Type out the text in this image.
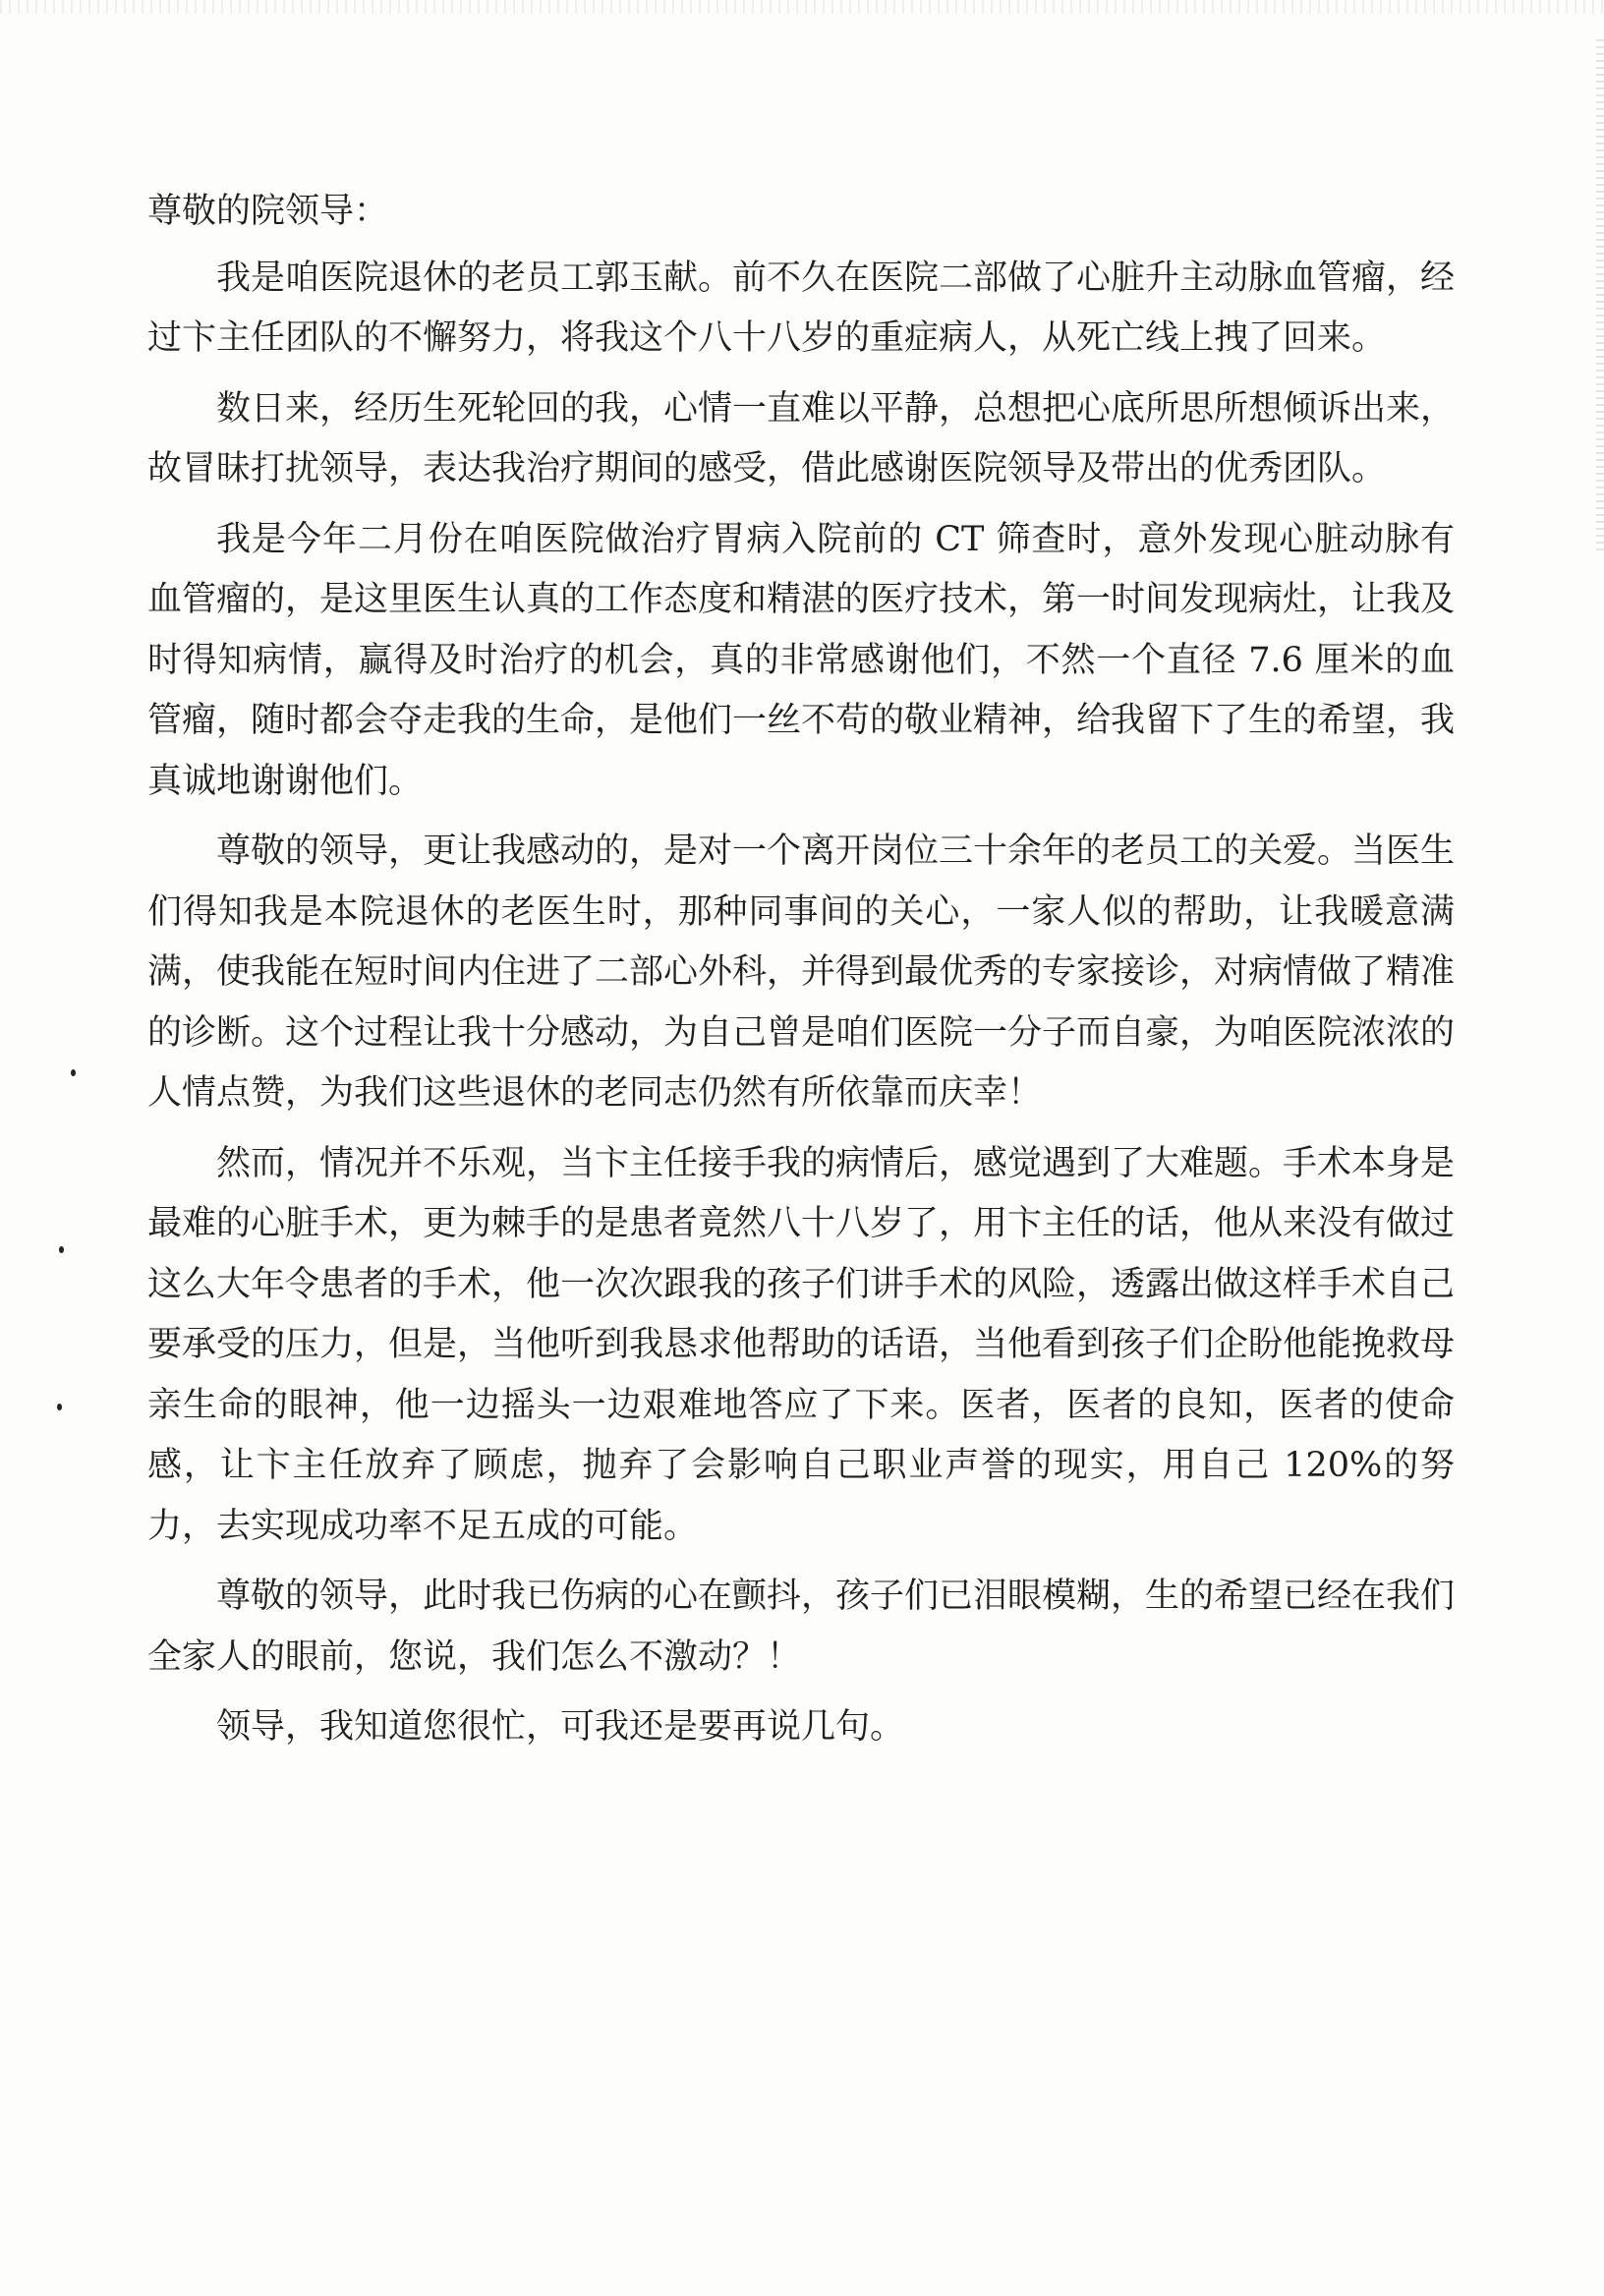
尊敬的院领导：

我是咱医院退休的老员工郭玉献。前不久在医院二部做了心脏升主动脉血管瘤，经过卞主任团队的不懈努力，将我这个八十八岁的重症病人，从死亡线上拽了回来。

数日来，经历生死轮回的我，心情一直难以平静，总想把心底所思所想倾诉出来，故冒昧打扰领导，表达我治疗期间的感受，借此感谢医院领导及带出的优秀团队。

我是今年二月份在咱医院做治疗胃病入院前的 CT 筛查时，意外发现心脏动脉有血管瘤的，是这里医生认真的工作态度和精湛的医疗技术，第一时间发现病灶，让我及时得知病情，赢得及时治疗的机会，真的非常感谢他们，不然一个直径 7.6 厘米的血管瘤，随时都会夺走我的生命，是他们一丝不苟的敬业精神，给我留下了生的希望，我真诚地谢谢他们。

尊敬的领导，更让我感动的，是对一个离开岗位三十余年的老员工的关爱。当医生们得知我是本院退休的老医生时，那种同事间的关心，一家人似的帮助，让我暖意满满，使我能在短时间内住进了二部心外科，并得到最优秀的专家接诊，对病情做了精准的诊断。这个过程让我十分感动，为自己曾是咱们医院一分子而自豪，为咱医院浓浓的人情点赞，为我们这些退休的老同志仍然有所依靠而庆幸！

然而，情况并不乐观，当卞主任接手我的病情后，感觉遇到了大难题。手术本身是最难的心脏手术，更为棘手的是患者竟然八十八岁了，用卞主任的话，他从来没有做过这么大年令患者的手术，他一次次跟我的孩子们讲手术的风险，透露出做这样手术自己要承受的压力，但是，当他听到我恳求他帮助的话语，当他看到孩子们企盼他能挽救母亲生命的眼神，他一边摇头一边艰难地答应了下来。医者，医者的良知，医者的使命感，让卞主任放弃了顾虑，抛弃了会影响自己职业声誉的现实，用自己 120%的努力，去实现成功率不足五成的可能。

尊敬的领导，此时我已伤病的心在颤抖，孩子们已泪眼模糊，生的希望已经在我们全家人的眼前，您说，我们怎么不激动？！

领导，我知道您很忙，可我还是要再说几句。
